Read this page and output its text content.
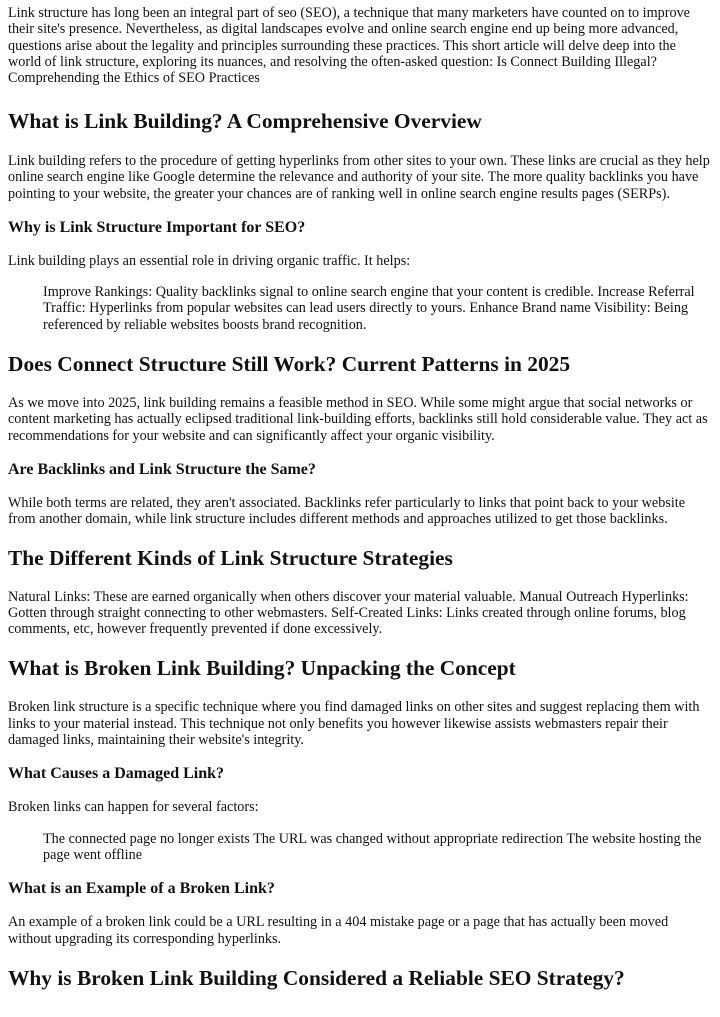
Link structure has long been an integral part of seo (SEO), a technique that many marketers have counted on to improve their site's presence. Nevertheless, as digital landscapes evolve and online search engine end up being more advanced, questions arise about the legality and principles surrounding these practices. This short article will delve deep into the world of link structure, exploring its nuances, and resolving the often-asked question: Is Connect Building Illegal? Comprehending the Ethics of SEO Practices

What is Link Building? A Comprehensive Overview

Link building refers to the procedure of getting hyperlinks from other sites to your own. These links are crucial as they help online search engine like Google determine the relevance and authority of your site. The more quality backlinks you have pointing to your website, the greater your chances are of ranking well in online search engine results pages (SERPs).

Why is Link Structure Important for SEO?

Link building plays an essential role in driving organic traffic. It helps:

Improve Rankings: Quality backlinks signal to online search engine that your content is credible. Increase Referral Traffic: Hyperlinks from popular websites can lead users directly to yours. Enhance Brand name Visibility: Being referenced by reliable websites boosts brand recognition.
Does Connect Structure Still Work? Current Patterns in 2025

As we move into 2025, link building remains a feasible method in SEO. While some might argue that social networks or content marketing has actually eclipsed traditional link-building efforts, backlinks still hold considerable value. They act as recommendations for your website and can significantly affect your organic visibility.

Are Backlinks and Link Structure the Same?

While both terms are related, they aren't associated. Backlinks refer particularly to links that point back to your website from another domain, while link structure includes different methods and approaches utilized to get those backlinks.

The Different Kinds of Link Structure Strategies

Natural Links: These are earned organically when others discover your material valuable. Manual Outreach Hyperlinks: Gotten through straight connecting to other webmasters. Self-Created Links: Links created through online forums, blog comments, etc, however frequently prevented if done excessively.

What is Broken Link Building? Unpacking the Concept

Broken link structure is a specific technique where you find damaged links on other sites and suggest replacing them with links to your material instead. This technique not only benefits you however likewise assists webmasters repair their damaged links, maintaining their website's integrity.

What Causes a Damaged Link?

Broken links can happen for several factors:

The connected page no longer exists The URL was changed without appropriate redirection The website hosting the page went offline
What is an Example of a Broken Link?

An example of a broken link could be a URL resulting in a 404 mistake page or a page that has actually been moved without upgrading its corresponding hyperlinks.

Why is Broken Link Building Considered a Reliable SEO Strategy?
